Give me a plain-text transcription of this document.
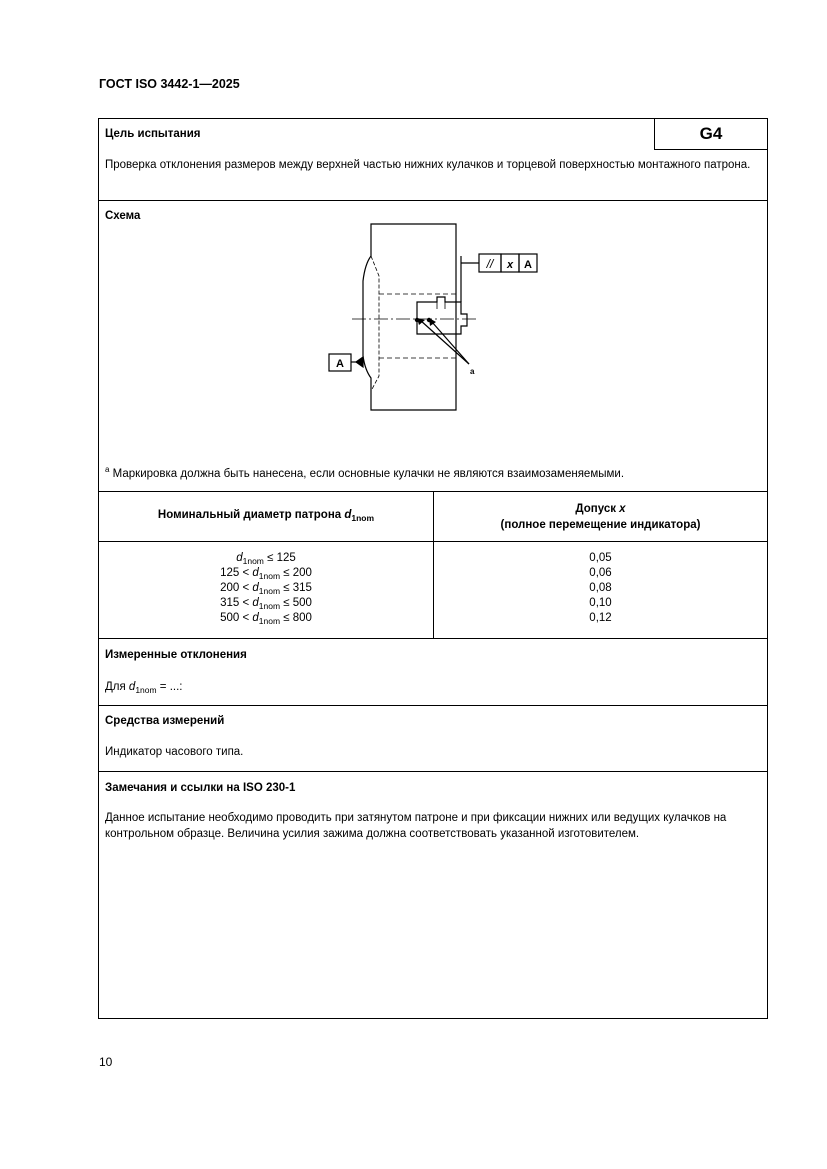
ГОСТ ISO 3442-1—2025
Цель испытания	G4
Проверка отклонения размеров между верхней частью нижних кулачков и торцевой поверхностью монтажного патрона.
Схема
// x A
A
a
$^a$ Маркировка должна быть нанесена, если основные кулачки не являются взаимозаменяемыми.
Номинальный диаметр патрона $d_{1nom}$
Допуск x
(полное перемещение индикатора)
$d_{1nom} \le 125$
$125 < d_{1nom} \le 200$
$200 < d_{1nom} \le 315$
$315 < d_{1nom} \le 500$
$500 < d_{1nom} \le 800$
0,05
0,06
0,08
0,10
0,12
Измеренные отклонения
Для $d_{1nom}$ = ...:
Средства измерений
Индикатор часового типа.
Замечания и ссылки на ISO 230-1
Данное испытание необходимо проводить при затянутом патроне и при фиксации нижних или ведущих кулачков на контрольном образце. Величина усилия зажима должна соответствовать указанной изготовителем.
10
